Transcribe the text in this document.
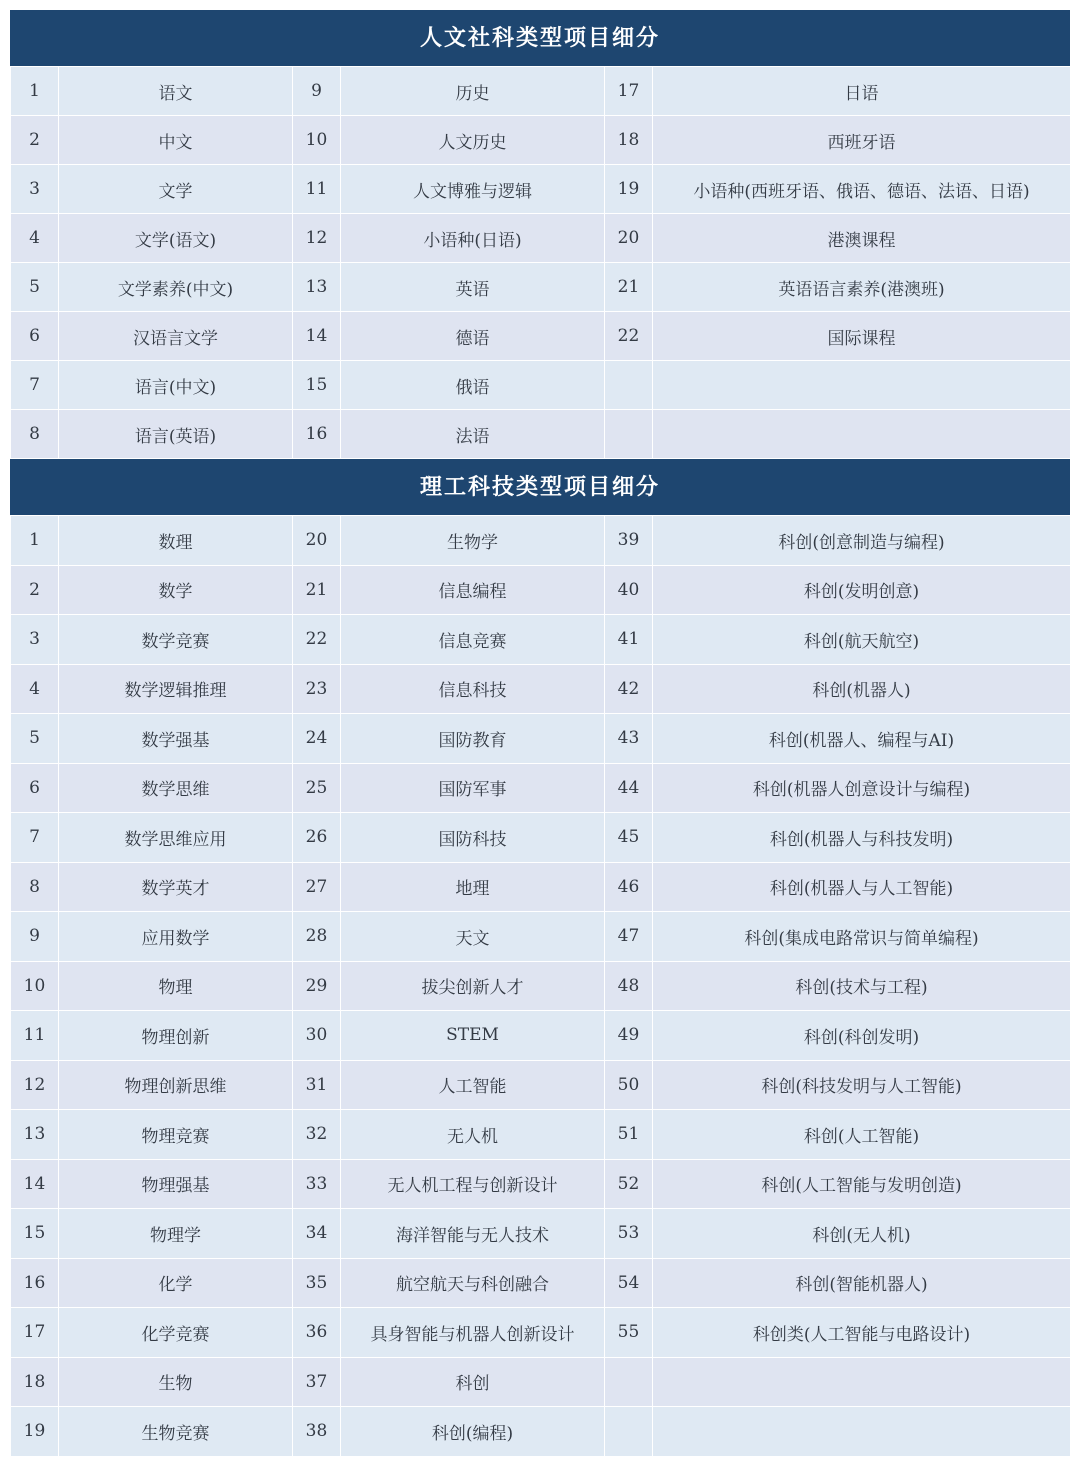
人文社科类型项目细分
1	语文	9	历史	17	日语
2	中文	10	人文历史	18	西班牙语
3	文学	11	人文博雅与逻辑	19	小语种(西班牙语、俄语、德语、法语、日语)
4	文学(语文)	12	小语种(日语)	20	港澳课程
5	文学素养(中文)	13	英语	21	英语语言素养(港澳班)
6	汉语言文学	14	德语	22	国际课程
7	语言(中文)	15	俄语		
8	语言(英语)	16	法语		
理工科技类型项目细分
1	数理	20	生物学	39	科创(创意制造与编程)
2	数学	21	信息编程	40	科创(发明创意)
3	数学竞赛	22	信息竞赛	41	科创(航天航空)
4	数学逻辑推理	23	信息科技	42	科创(机器人)
5	数学强基	24	国防教育	43	科创(机器人、编程与AI)
6	数学思维	25	国防军事	44	科创(机器人创意设计与编程)
7	数学思维应用	26	国防科技	45	科创(机器人与科技发明)
8	数学英才	27	地理	46	科创(机器人与人工智能)
9	应用数学	28	天文	47	科创(集成电路常识与简单编程)
10	物理	29	拔尖创新人才	48	科创(技术与工程)
11	物理创新	30	STEM	49	科创(科创发明)
12	物理创新思维	31	人工智能	50	科创(科技发明与人工智能)
13	物理竞赛	32	无人机	51	科创(人工智能)
14	物理强基	33	无人机工程与创新设计	52	科创(人工智能与发明创造)
15	物理学	34	海洋智能与无人技术	53	科创(无人机)
16	化学	35	航空航天与科创融合	54	科创(智能机器人)
17	化学竞赛	36	具身智能与机器人创新设计	55	科创类(人工智能与电路设计)
18	生物	37	科创		
19	生物竞赛	38	科创(编程)		
